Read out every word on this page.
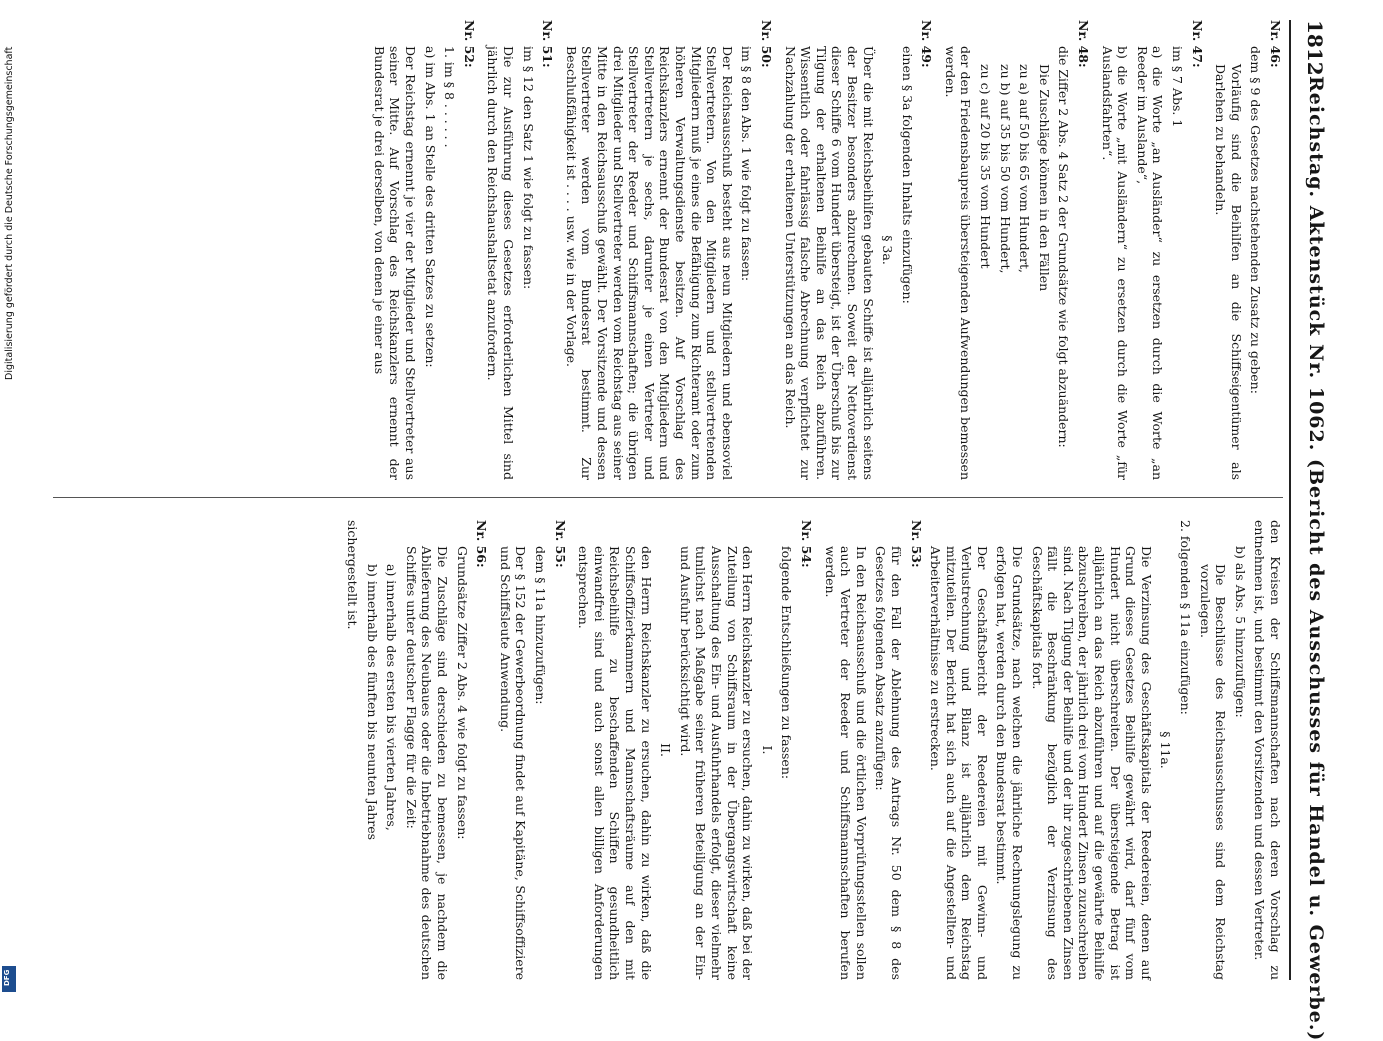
Digitalisierung gefördert durch die Deutsche Forschungsgemeinschaft
DFG
1812
Reichstag. Aktenstück Nr. 1062. (Bericht des Ausschusses für Handel u. Gewerbe.)
Nr. 46:
dem § 9 des Gesetzes nachstehenden Zusatz zu geben:
Vorläufig sind die Beihilfen an die Schiffseigentümer als Darlehen zu behandeln.
Nr. 47:
im § 7 Abs. 1
a) die Worte „an Ausländer“ zu ersetzen durch die Worte „an Reeder im Auslande“,
b) die Worte „mit Ausländern“ zu ersetzen durch die Worte „für Auslandsfahrten“.
Nr. 48:
die Ziffer 2 Abs. 4 Satz 2 der Grundsätze wie folgt abzuändern:
Die Zuschläge können in den Fällen
zu a) auf 50 bis 65 vom Hundert,
zu b) auf 35 bis 50 vom Hundert,
zu c) auf 20 bis 35 vom Hundert
der den Friedensbaupreis übersteigenden Aufwendungen bemessen werden.
Nr. 49:
einen § 3a folgenden Inhalts einzufügen:
§ 3a.
Über die mit Reichsbeihilfen gebauten Schiffe ist alljährlich seitens der Besitzer besonders abzurechnen. Soweit der Nettoverdienst dieser Schiffe 6 vom Hundert übersteigt, ist der Überschuß bis zur Tilgung der erhaltenen Beihilfe an das Reich abzuführen. Wissentlich oder fahrlässig falsche Abrechnung verpflichtet zur Nachzahlung der erhaltenen Unterstützungen an das Reich.
Nr. 50:
im § 8 den Abs. 1 wie folgt zu fassen:
Der Reichsausschuß besteht aus neun Mitgliedern und ebensoviel Stellvertretern. Von den Mitgliedern und stellvertretenden Mitgliedern muß je eines die Befähigung zum Richteramt oder zum höheren Verwaltungsdienste besitzen. Auf Vorschlag des Reichskanzlers ernennt der Bundesrat von den Mitgliedern und Stellvertretern je sechs, darunter je einen Vertreter und Stellvertreter der Reeder und Schiffsmannschaften; die übrigen drei Mitglieder und Stellvertreter werden vom Reichstag aus seiner Mitte in den Reichsausschuß gewählt. Der Vorsitzende und dessen Stellvertreter werden vom Bundesrat bestimmt. Zur Beschlußfähigkeit ist . . . . usw. wie in der Vorlage.
Nr. 51:
im § 12 den Satz 1 wie folgt zu fassen:
Die zur Ausführung dieses Gesetzes erforderlichen Mittel sind jährlich durch den Reichshaushaltsetat anzufordern.
Nr. 52:
1. im § 8 . . . . . .
a) im Abs. 1 an Stelle des dritten Satzes zu setzen:
Der Reichstag ernennt je vier der Mitglieder und Stellvertreter aus seiner Mitte. Auf Vorschlag des Reichskanzlers ernennt der Bundesrat je drei derselben, von denen je einer aus
den Kreisen der Schiffsmannschaften nach deren Vorschlag zu entnehmen ist, und bestimmt den Vorsitzenden und dessen Vertreter.
b) als Abs. 5 hinzuzufügen:
Die Beschlüsse des Reichsausschusses sind dem Reichstag vorzulegen.
2. folgenden § 11a einzufügen:
§ 11a.
Die Verzinsung des Geschäftskapitals der Reedereien, denen auf Grund dieses Gesetzes Beihilfe gewährt wird, darf fünf vom Hundert nicht überschreiten. Der übersteigende Betrag ist alljährlich an das Reich abzuführen und auf die gewährte Beihilfe abzuschreiben, der jährlich drei vom Hundert Zinsen zuzuschreiben sind. Nach Tilgung der Beihilfe und der ihr zugeschriebenen Zinsen fällt die Beschränkung bezüglich der Verzinsung des Geschäftskapitals fort.
Die Grundsätze, nach welchen die jährliche Rechnungslegung zu erfolgen hat, werden durch den Bundesrat bestimmt.
Der Geschäftsbericht der Reedereien mit Gewinn- und Verlustrechnung und Bilanz ist alljährlich dem Reichstag mitzuteilen. Der Bericht hat sich auch auf die Angestellten- und Arbeiterverhältnisse zu erstrecken.
Nr. 53:
für den Fall der Ablehnung des Antrags Nr. 50 dem § 8 des Gesetzes folgenden Absatz anzufügen:
In den Reichsausschuß und die örtlichen Vorprüfungsstellen sollen auch Vertreter der Reeder und Schiffsmannschaften berufen werden.
Nr. 54:
folgende Entschließungen zu fassen:
I.
den Herrn Reichskanzler zu ersuchen, dahin zu wirken, daß bei der Zuteilung von Schiffsraum in der Übergangswirtschaft keine Ausschaltung des Ein- und Ausfuhrhandels erfolgt, dieser vielmehr tunlichst nach Maßgabe seiner früheren Beteiligung an der Ein- und Ausfuhr berücksichtigt wird.
II.
den Herrn Reichskanzler zu ersuchen, dahin zu wirken, daß die Schiffsoffizierkammern und Mannschaftsräume auf den mit Reichsbeihilfe zu beschaffenden Schiffen gesundheitlich einwandfrei sind und auch sonst allen billigen Anforderungen entsprechen.
Nr. 55:
dem § 11a hinzuzufügen:
Der § 152 der Gewerbeordnung findet auf Kapitäne, Schiffsoffiziere und Schiffsleute Anwendung.
Nr. 56:
Grundsätze Ziffer 2 Abs. 4 wie folgt zu fassen:
Die Zuschläge sind derschieden zu bemessen, je nachdem die Ablieferung des Neubaues oder die Inbetriebnahme des deutschen Schiffes unter deutscher Flagge für die Zeit:
a) innerhalb des ersten bis vierten Jahres,
b) innerhalb des fünften bis neunten Jahres
sichergestellt ist.
